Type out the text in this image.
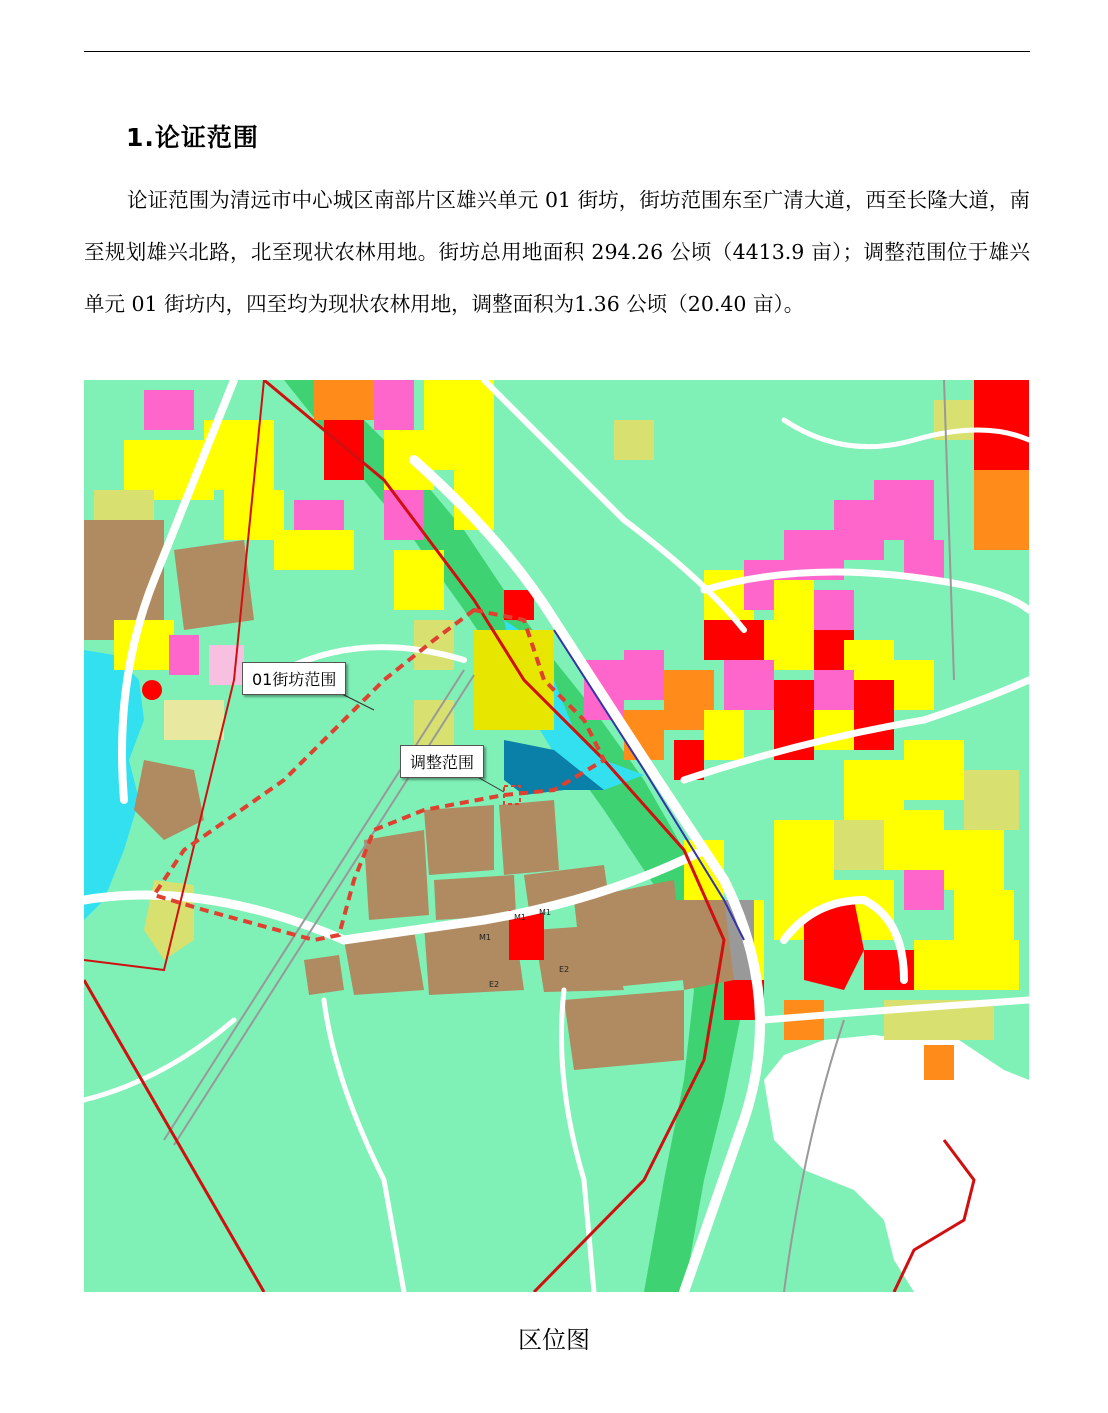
1.论证范围

论证范围为清远市中心城区南部片区雄兴单元 01 街坊，街坊范围东至广清大道，西至长隆大道，南至规划雄兴北路，北至现状农林用地。街坊总用地面积 294.26 公顷（4413.9 亩）；调整范围位于雄兴单元 01 街坊内，四至均为现状农林用地，调整面积为1.36 公顷（20.40 亩）。

M1
M1
M1
E2
E2
01街坊范围
调整范围
区位图
